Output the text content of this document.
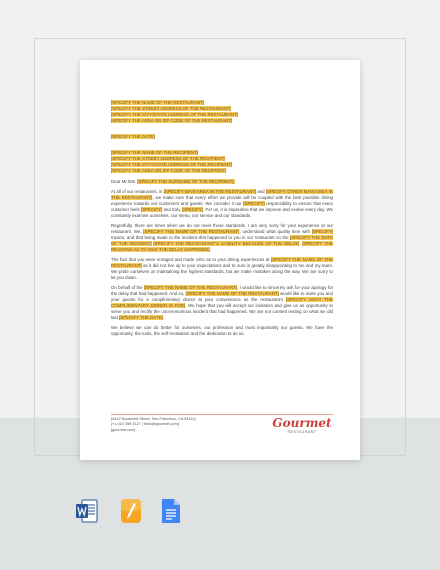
[SPECIFY THE NAME OF THE RESTAURANT]
[SPECIFY THE STREET ADDRESS OF THE RESTAURANT]
[SPECIFY THE CITY/STATE ADDRESS OF THE RESTAURANT]
[SPECIFY THE AREA OR ZIP CODE OF THE RESTAURANT]
[SPECIFY THE DATE]
[SPECIFY THE NAME OF THE RECIPIENT]
[SPECIFY THE STREET ADDRESS OF THE RECIPIENT]
[SPECIFY THE CITY/STATE ADDRESS OF THE RECIPIENT]
[SPECIFY THE AREA OR ZIP CODE OF THE RECIPIENT]

Dear Mr./Ms. [SPECIFY THE SURNAME OF THE RECIPIENT],

At all of our restaurants, in [SPECIFY MAIN AREA IN THE RESTAURANT] and [SPECIFY OTHER MAIN AREA IN THE RESTAURANT], we make sure that every effort we provide will be coupled with the best possible dining experience towards our customers and guests. We consider it our [SPECIFY] responsibility to ensure that every customer feels [SPECIFY] and truly [SPECIFY]. For us, it is imperative that we improve and evolve every day. We constantly examine ourselves, our menu, our service and our standards.

Regretfully, there are times when we do not meet those standards. I am very sorry for your experience at our restaurant. We, [SPECIFY THE NAME OF THE RESTAURANT], understand what quality time with [SPECIFY] means, and that being made to the incident that happened to you in our restaurant on the [SPECIFY THE DATE OF THE INCIDENT] [SPECIFY THE RESTAURANT'S LIABILITY BECAUSE OF THE DELAY]. [SPECIFY THE REASONS AS TO WHY THE DELAY HAPPENED].

The fact that you were enraged and made critic as to your dining experiences at [SPECIFY THE NAME OF THE RESTAURANT] as it did not live up to your expectations and to ours is greatly disappointing to me and my team. We pride ourselves on maintaining the highest standards, but we make mistakes along the way. We are sorry to let you down.

On behalf of the [SPECIFY THE NAME OF THE RESTAURANT], I would like to sincerely ask for your apology for the delay that had happened. And so, [SPECIFY THE NAME OF THE RESTAURANT] would like to invite you and your guests for a complimentary dinner at your convenience as the restaurant's [SPECIFY WHAT THE COMPLIMENTARY DINNER IS FOR]. We hope that you will accept our invitation and give us an opportunity to serve you and rectify the unceremonious incident that had happened. We are not content resting on what we did last [SPECIFY THE DATE].

We believe we can do better for ourselves, our profession and most importantly our guests. We have the opportunity, the tools, the self-motivation and the dedication to do so.

[4412 Roosevelt Street, San Francisco, CA 94114]
[+1 415 359 3127 | hello@gourmet.com]
[gourmet.com]	Gourmet
RESTAURANT
